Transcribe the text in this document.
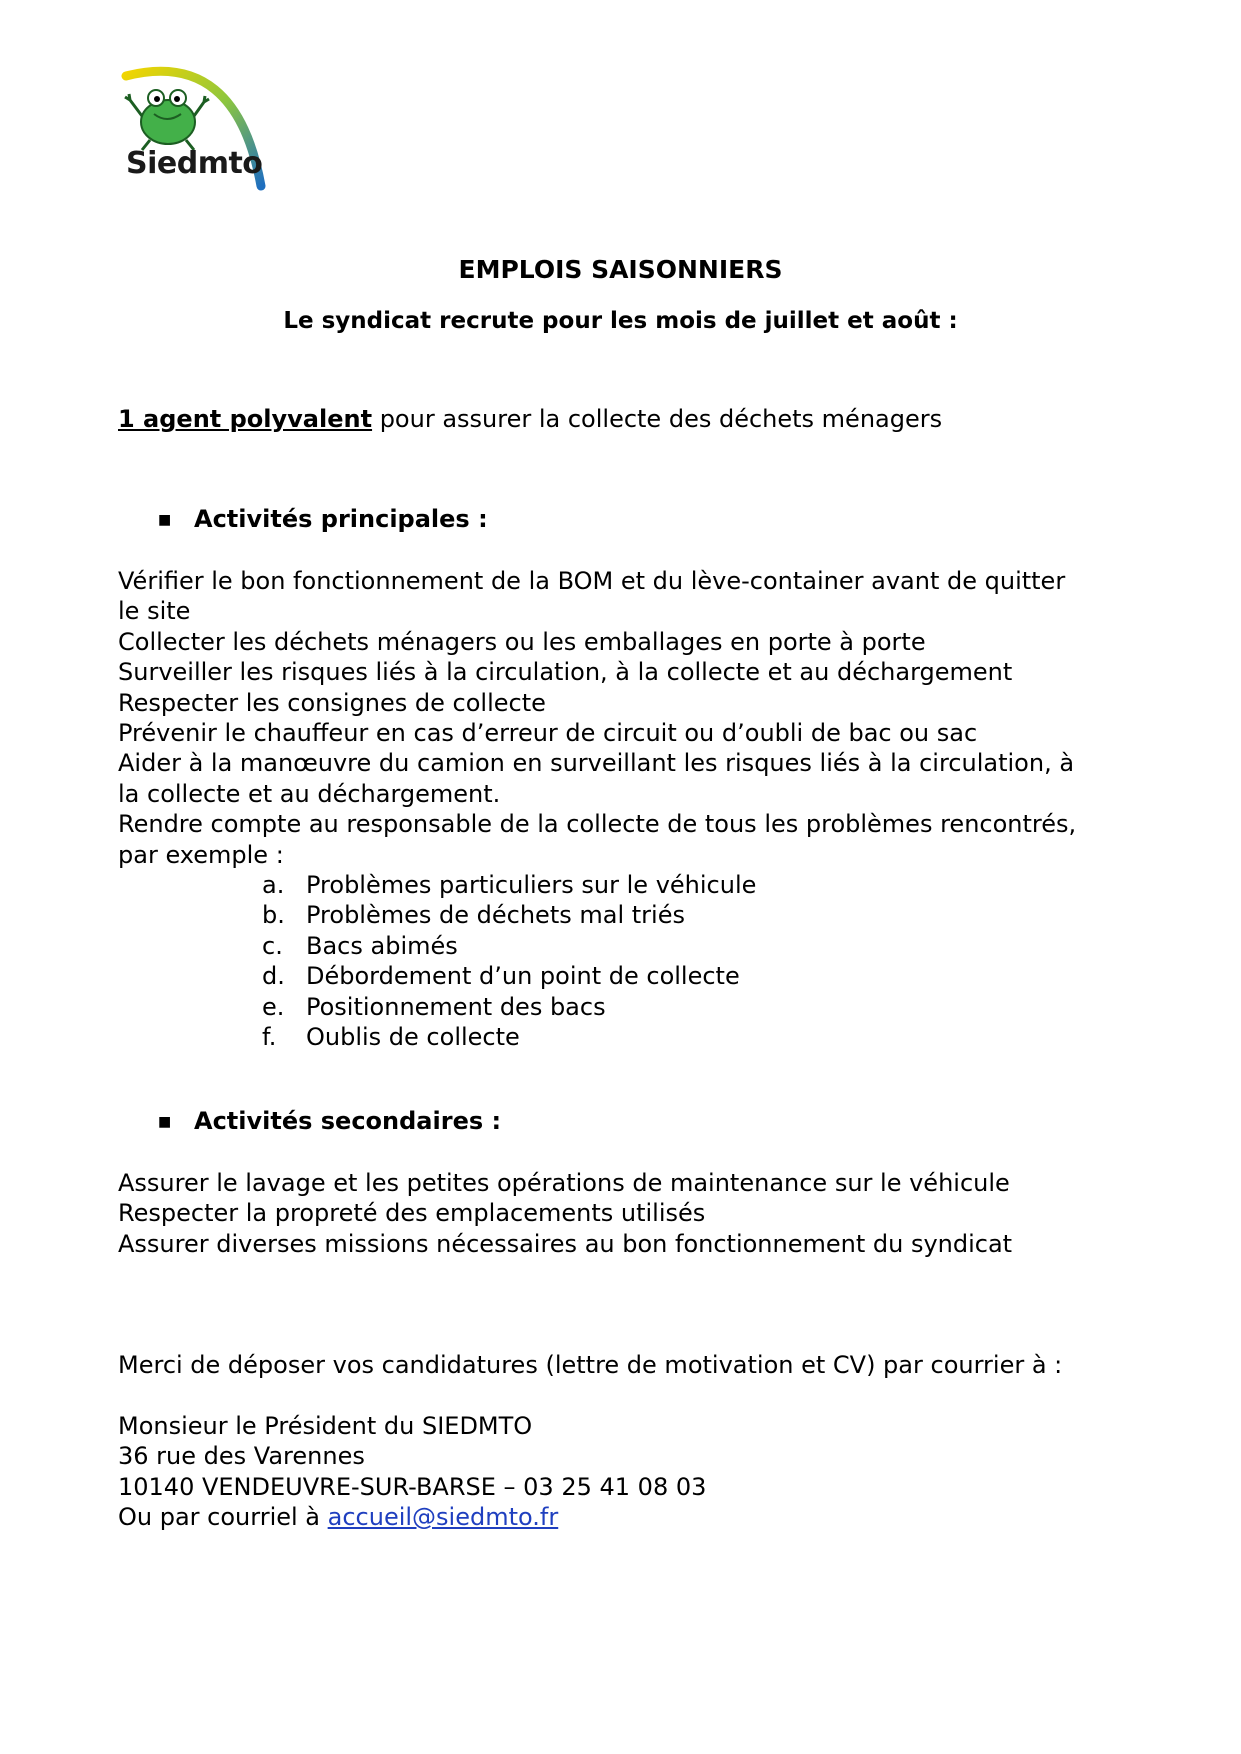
Siedmto
EMPLOIS SAISONNIERS
Le syndicat recrute pour les mois de juillet et août :
1 agent polyvalent pour assurer la collecte des déchets ménagers
■ Activités principales :
Vérifier le bon fonctionnement de la BOM et du lève-container avant de quitter
le site
Collecter les déchets ménagers ou les emballages en porte à porte
Surveiller les risques liés à la circulation, à la collecte et au déchargement
Respecter les consignes de collecte
Prévenir le chauffeur en cas d’erreur de circuit ou d’oubli de bac ou sac
Aider à la manœuvre du camion en surveillant les risques liés à la circulation, à
la collecte et au déchargement.
Rendre compte au responsable de la collecte de tous les problèmes rencontrés,
par exemple :
a. Problèmes particuliers sur le véhicule
b. Problèmes de déchets mal triés
c. Bacs abimés
d. Débordement d’un point de collecte
e. Positionnement des bacs
f. Oublis de collecte
■ Activités secondaires :
Assurer le lavage et les petites opérations de maintenance sur le véhicule
Respecter la propreté des emplacements utilisés
Assurer diverses missions nécessaires au bon fonctionnement du syndicat
Merci de déposer vos candidatures (lettre de motivation et CV) par courrier à :
Monsieur le Président du SIEDMTO
36 rue des Varennes
10140 VENDEUVRE-SUR-BARSE – 03 25 41 08 03
Ou par courriel à accueil@siedmto.fr
